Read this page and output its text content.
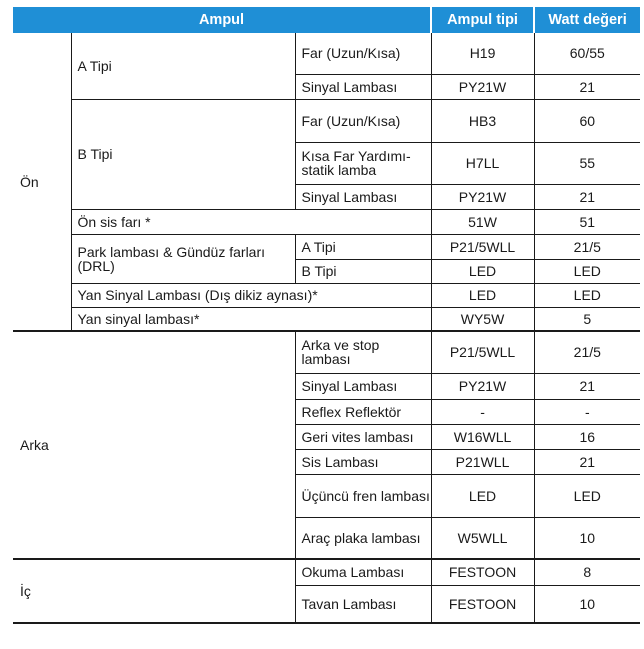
Ampul			Ampul tipi	Watt değeri
Ön	A Tipi	Far (Uzun/Kısa)	H19	60/55
		Sinyal Lambası	PY21W	21
	B Tipi	Far (Uzun/Kısa)	HB3	60
		Kısa Far Yardımı- statik lamba	H7LL	55
		Sinyal Lambası	PY21W	21
	Ön sis farı *		51W	51
	Park lambası & Gündüz farları (DRL)	A Tipi	P21/5WLL	21/5
		B Tipi	LED	LED
	Yan Sinyal Lambası (Dış dikiz aynası)*		LED	LED
	Yan sinyal lambası*		WY5W	5
Arka		Arka ve stop lambası	P21/5WLL	21/5
		Sinyal Lambası	PY21W	21
		Reflex Reflektör	-	-
		Geri vites lambası	W16WLL	16
		Sis Lambası	P21WLL	21
		Üçüncü fren lambası	LED	LED
		Araç plaka lambası	W5WLL	10
İç		Okuma Lambası	FESTOON	8
		Tavan Lambası	FESTOON	10
